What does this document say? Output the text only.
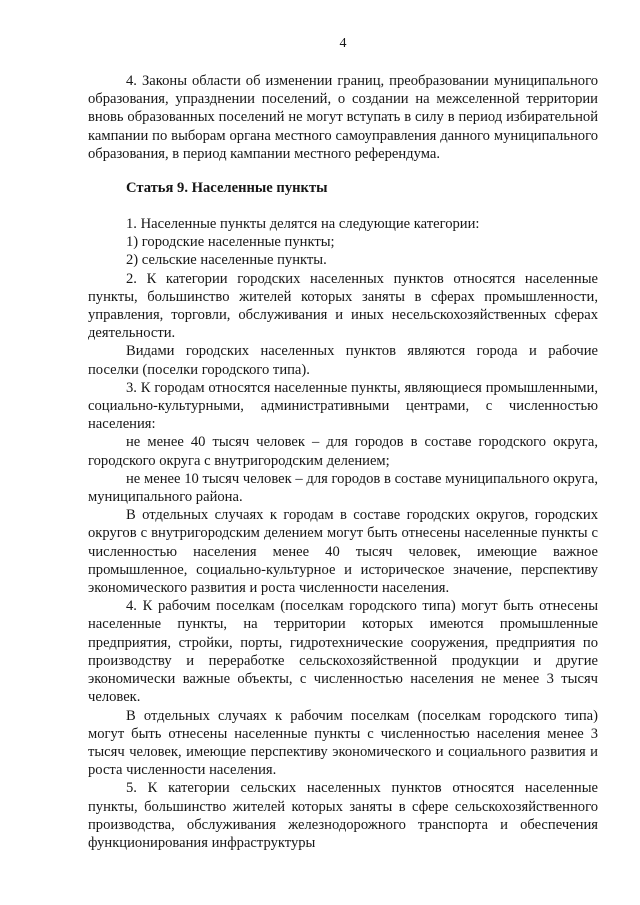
4

4. Законы области об изменении границ, преобразовании муниципального образования, упразднении поселений, о создании на межселенной территории вновь образованных поселений не могут вступать в силу в период избирательной кампании по выборам органа местного самоуправления данного муниципального образования, в период кампании местного референдума.

Статья 9. Населенные пункты

1. Населенные пункты делятся на следующие категории:

1) городские населенные пункты;

2) сельские населенные пункты.

2. К категории городских населенных пунктов относятся населенные пункты, большинство жителей которых заняты в сферах промышленности, управления, торговли, обслуживания и иных несельскохозяйственных сферах деятельности.

Видами городских населенных пунктов являются города и рабочие поселки (поселки городского типа).

3. К городам относятся населенные пункты, являющиеся промышленными, социально-культурными, административными центрами, с численностью населения:

не менее 40 тысяч человек – для городов в составе городского округа, городского округа с внутригородским делением;

не менее 10 тысяч человек – для городов в составе муниципального округа, муниципального района.

В отдельных случаях к городам в составе городских округов, городских округов с внутригородским делением могут быть отнесены населенные пункты с численностью населения менее 40 тысяч человек, имеющие важное промышленное, социально-культурное и историческое значение, перспективу экономического развития и роста численности населения.

4. К рабочим поселкам (поселкам городского типа) могут быть отнесены населенные пункты, на территории которых имеются промышленные предприятия, стройки, порты, гидротехнические сооружения, предприятия по производству и переработке сельскохозяйственной продукции и другие экономически важные объекты, с численностью населения не менее 3 тысяч человек.

В отдельных случаях к рабочим поселкам (поселкам городского типа) могут быть отнесены населенные пункты с численностью населения менее 3 тысяч человек, имеющие перспективу экономического и социального развития и роста численности населения.

5. К категории сельских населенных пунктов относятся населенные пункты, большинство жителей которых заняты в сфере сельскохозяйственного производства, обслуживания железнодорожного транспорта и обеспечения функционирования инфраструктуры
